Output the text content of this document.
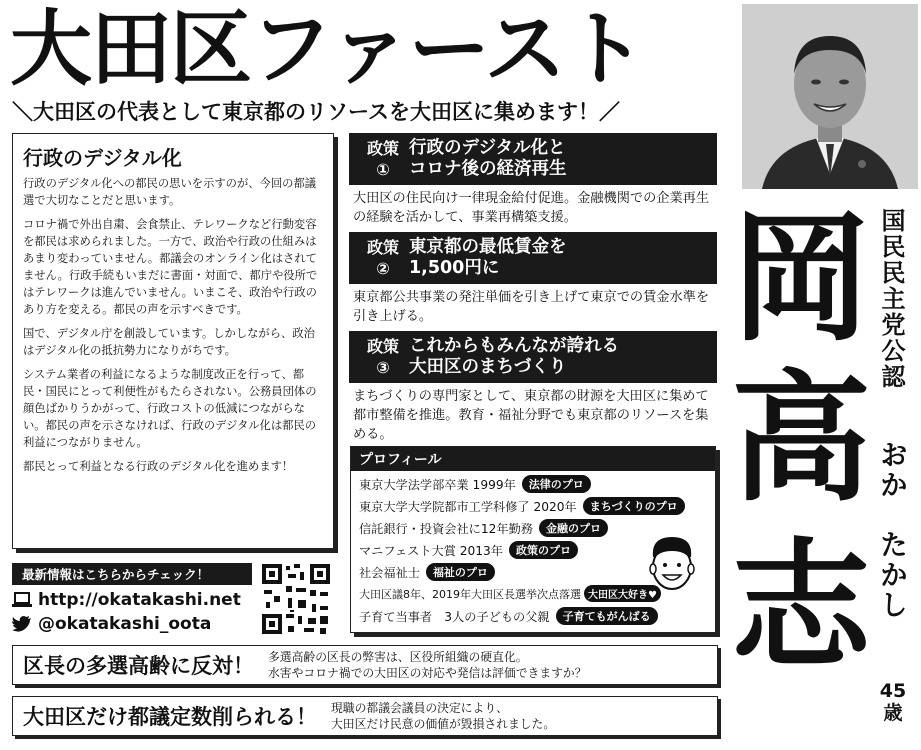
大田区ファースト
＼大田区の代表として東京都のリソースを大田区に集めます！／
行政のデジタル化

行政のデジタル化への都民の思いを示すのが、今回の都議選で大切なことだと思います。

コロナ禍で外出自粛、会食禁止、テレワークなど行動変容を都民は求められました。一方で、政治や行政の仕組みはあまり変わっていません。都議会のオンライン化はされてません。行政手続もいまだに書面・対面で、都庁や役所ではテレワークは進んでいません。いまこそ、政治や行政のあり方を変える。都民の声を示すべきです。

国で、デジタル庁を創設しています。しかしながら、政治はデジタル化の抵抗勢力になりがちです。

システム業者の利益になるような制度改正を行って、都民・国民にとって利便性がもたらされない。公務員団体の顔色ばかりうかがって、行政コストの低減につながらない。都民の声を示さなければ、行政のデジタル化は都民の利益につながりません。

都民とって利益となる行政のデジタル化を進めます！

政策
①
行政のデジタル化と
コロナ後の経済再生
大田区の住民向け一律現金給付促進。金融機関での企業再生の経験を活かして、事業再構築支援。
政策
②
東京都の最低賃金を
1,500円に
東京都公共事業の発注単価を引き上げて東京での賃金水準を引き上げる。
政策
③
これからもみんなが誇れる
大田区のまちづくり
まちづくりの専門家として、東京都の財源を大田区に集めて都市整備を推進。教育・福祉分野でも東京都のリソースを集める。
プロフィール
東京大学法学部卒業 1999年	法律のプロ
東京大学大学院都市工学科修了 2020年	まちづくりのプロ
信託銀行・投資会社に12年勤務	金融のプロ
マニフェスト大賞 2013年	政策のプロ
社会福祉士	福祉のプロ
大田区議8年、2019年大田区長選挙次点落選 大田区大好き♥
子育て当事者　3人の子どもの父親	子育てもがんばる
最新情報はこちらからチェック！
http://okatakashi.net
@okatakashi_oota
区長の多選高齢に反対！ 多選高齢の区長の弊害は、区役所組織の硬直化。
水害やコロナ禍での大田区の対応や発信は評価できますか？
大田区だけ都議定数削られる！ 現職の都議会議員の決定により、
大田区だけ民意の価値が毀損されました。
岡
高
志
国民民主党公認
おか　たかし
45
歳
